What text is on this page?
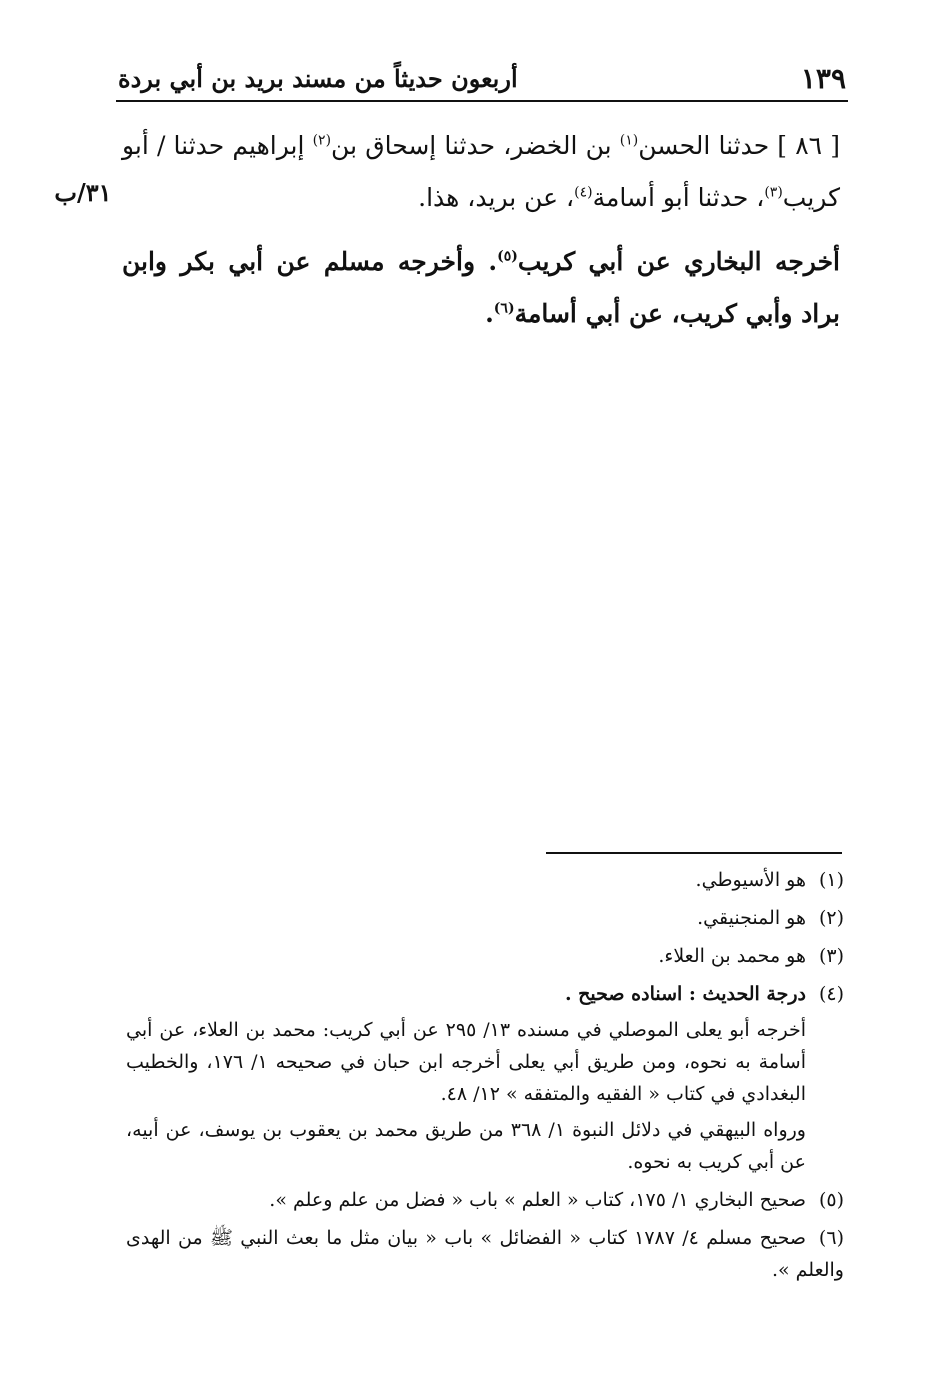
١٣٩
أربعون حديثاً من مسند بريد بن أبي بردة
٣١/ب

[ ٨٦ ] حدثنا الحسن$^{(١)}$ بن الخضر، حدثنا إسحاق بن$^{(٢)}$ إبراهيم حدثنا / أبو كريب$^{(٣)}$، حدثنا أبو أسامة$^{(٤)}$، عن بريد، هذا.

أخرجه البخاري عن أبي كريب$^{(٥)}$. وأخرجه مسلم عن أبي بكر وابن براد وأبي كريب، عن أبي أسامة$^{(٦)}$.

(١)هو الأسيوطي.

(٢)هو المنجنيقي.

(٣)هو محمد بن العلاء.

(٤)درجة الحديث : اسناده صحيح .

أخرجه أبو يعلى الموصلي في مسنده ١٣/ ٢٩٥ عن أبي كريب: محمد بن العلاء، عن أبي أسامة به نحوه، ومن طريق أبي يعلى أخرجه ابن حبان في صحيحه ١/ ١٧٦، والخطيب البغدادي في كتاب « الفقيه والمتفقه » ١٢/ ٤٨.

ورواه البيهقي في دلائل النبوة ١/ ٣٦٨ من طريق محمد بن يعقوب بن يوسف، عن أبيه، عن أبي كريب به نحوه.

(٥)صحيح البخاري ١/ ١٧٥، كتاب « العلم » باب « فضل من علم وعلم ».

(٦)صحيح مسلم ٤/ ١٧٨٧ كتاب « الفضائل » باب « بيان مثل ما بعث النبي ﷺ من الهدى والعلم ».
